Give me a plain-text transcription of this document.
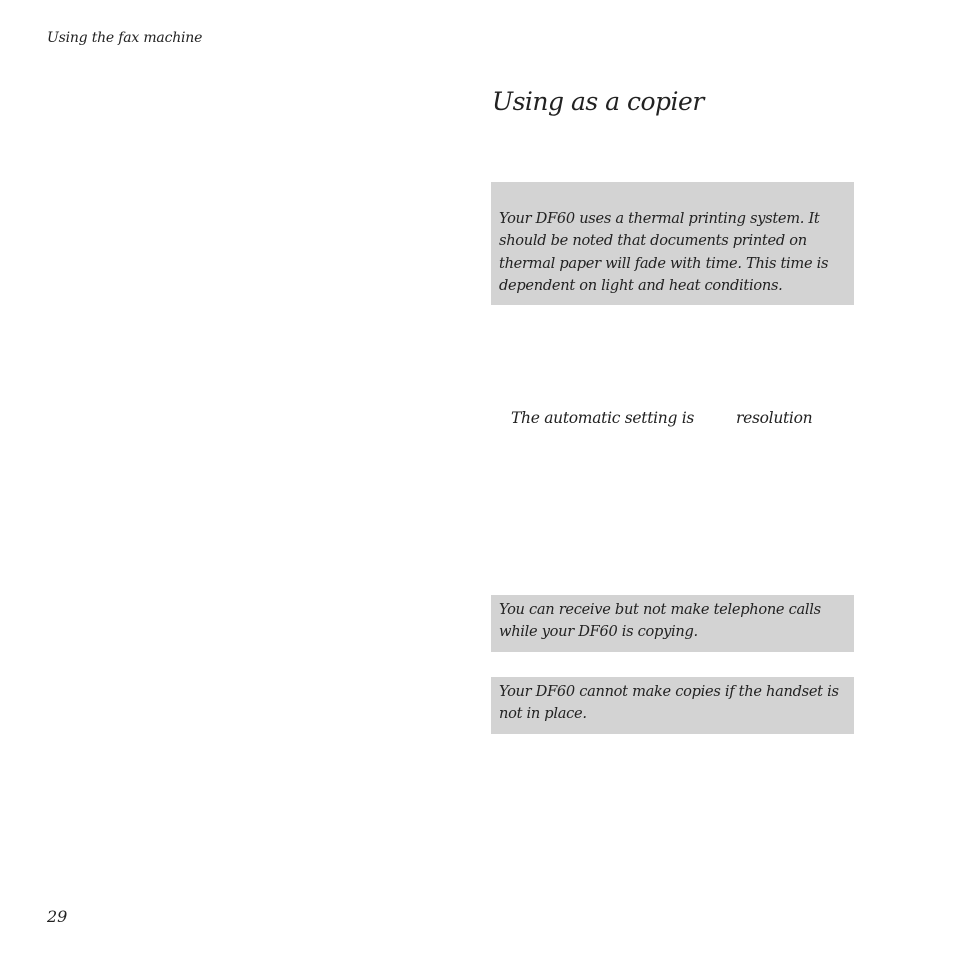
Using the fax machine
Using as a copier

Your DF60 uses a thermal printing system. It should be noted that documents printed on thermal paper will fade with time. This time is dependent on light and heat conditions.

The automatic setting is	resolution

You can receive but not make telephone calls while your DF60 is copying.

Your DF60 cannot make copies if the handset is not in place.

29
